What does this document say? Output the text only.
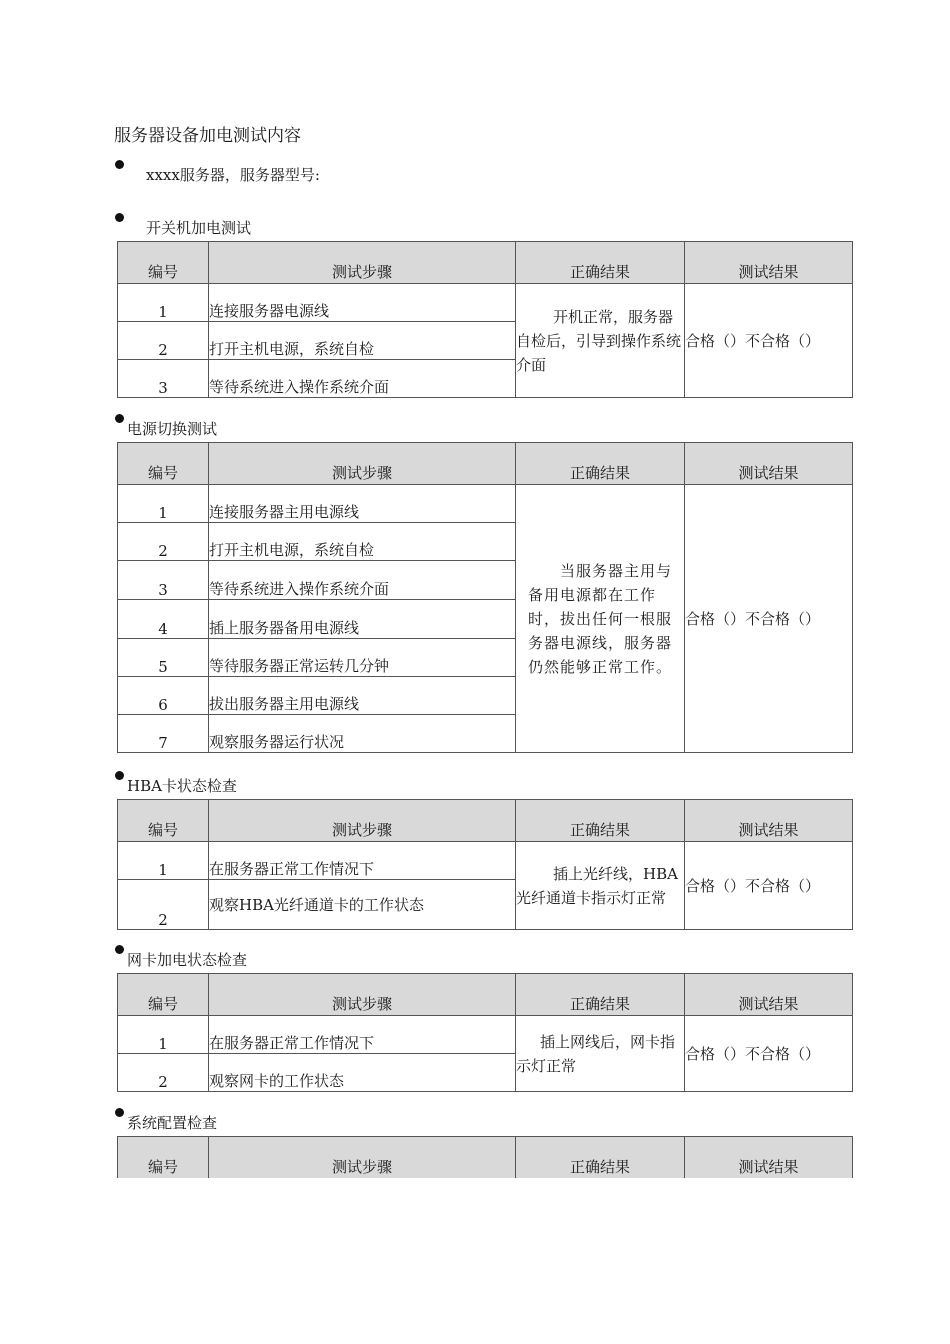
服务器设备加电测试内容
xxxx服务器，服务器型号:
开关机加电测试
编号	测试步骤	正确结果	测试结果
1	连接服务器电源线	开机正常，服务器自检后，引导到操作系统介面	合格（）不合格（）
2	打开主机电源，系统自检		
3	等待系统进入操作系统介面		
电源切换测试
编号	测试步骤	正确结果	测试结果
1	连接服务器主用电源线	当服务器主用与备用电源都在工作时，拔出任何一根服务器电源线，服务器仍然能够正常工作。	合格（）不合格（）
2	打开主机电源，系统自检		
3	等待系统进入操作系统介面		
4	插上服务器备用电源线		
5	等待服务器正常运转几分钟		
6	拔出服务器主用电源线		
7	观察服务器运行状况		
HBA卡状态检查
编号	测试步骤	正确结果	测试结果
1	在服务器正常工作情况下	插上光纤线，HBA光纤通道卡指示灯正常	合格（）不合格（）
2	观察HBA光纤通道卡的工作状态		
网卡加电状态检查
编号	测试步骤	正确结果	测试结果
1	在服务器正常工作情况下	插上网线后，网卡指示灯正常	合格（）不合格（）
2	观察网卡的工作状态		
系统配置检查
编号	测试步骤	正确结果	测试结果
